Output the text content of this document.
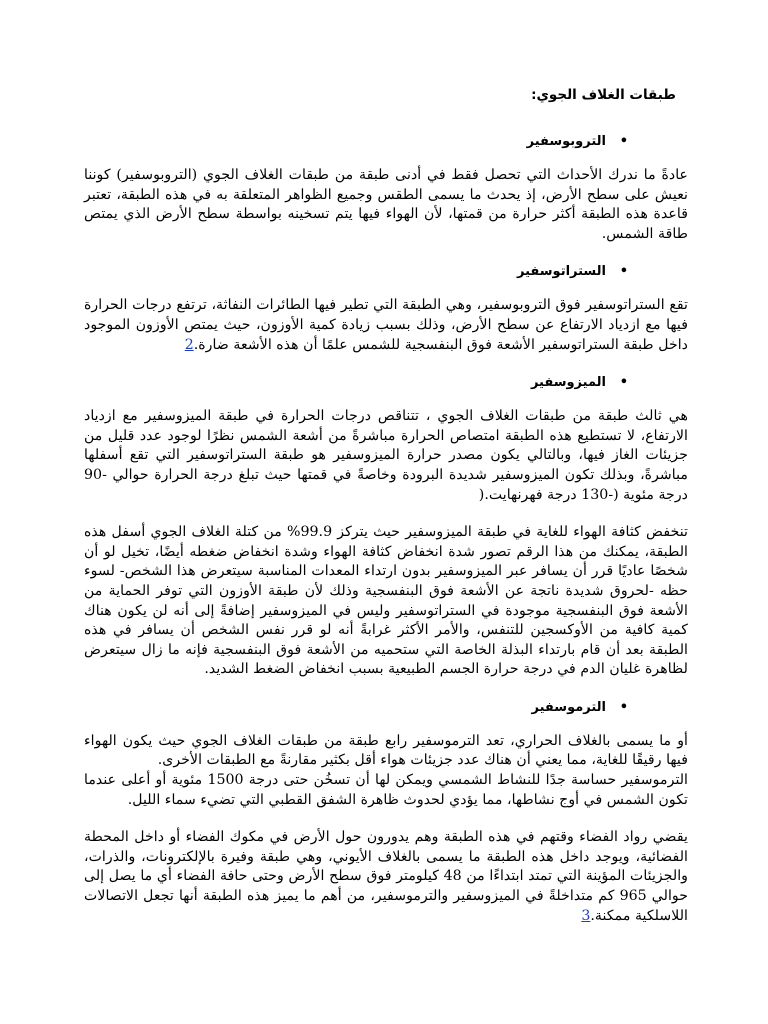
طبقات الغلاف الجوي:
•
التروبوسفير

عادةً ما ندرك الأحداث التي تحصل فقط في أدنى طبقة من طبقات الغلاف الجوي (التروبوسفير) كوننا نعيش على سطح الأرض، إذ يحدث ما يسمى الطقس وجميع الظواهر المتعلقة به في هذه الطبقة، تعتبر قاعدة هذه الطبقة أكثر حرارة من قمتها، لأن الهواء فيها يتم تسخينه بواسطة سطح الأرض الذي يمتص طاقة الشمس.

•
الستراتوسفير

تقع الستراتوسفير فوق التروبوسفير، وهي الطبقة التي تطير فيها الطائرات النفاثة، ترتفع درجات الحرارة فيها مع ازدياد الارتفاع عن سطح الأرض، وذلك بسبب زيادة كمية الأوزون، حيث يمتص الأوزون الموجود داخل طبقة الستراتوسفير الأشعة فوق البنفسجية للشمس علمًا أن هذه الأشعة ضارة.2

•
الميزوسفير

هي ثالث طبقة من طبقات الغلاف الجوي ، تتناقص درجات الحرارة في طبقة الميزوسفير مع ازدياد الارتفاع، لا تستطيع هذه الطبقة امتصاص الحرارة مباشرةً من أشعة الشمس نظرًا لوجود عدد قليل من جزيئات الغاز فيها، وبالتالي يكون مصدر حرارة الميزوسفير هو طبقة الستراتوسفير التي تقع أسفلها مباشرةً، وبذلك تكون الميزوسفير شديدة البرودة وخاصةً في قمتها حيث تبلغ درجة الحرارة حوالي -90 درجة مئوية (-130 درجة فهرنهايت.(

تنخفض كثافة الهواء للغاية في طبقة الميزوسفير حيث يتركز 99.9% من كتلة الغلاف الجوي أسفل هذه الطبقة، يمكنك من هذا الرقم تصور شدة انخفاض كثافة الهواء وشدة انخفاض ضغطه أيضًا، تخيل لو أن شخصًا عاديًا قرر أن يسافر عبر الميزوسفير بدون ارتداء المعدات المناسبة سيتعرض هذا الشخص- لسوء حظه -لحروق شديدة ناتجة عن الأشعة فوق البنفسجية وذلك لأن طبقة الأوزون التي توفر الحماية من الأشعة فوق البنفسجية موجودة في الستراتوسفير وليس في الميزوسفير إضافةً إلى أنه لن يكون هناك كمية كافية من الأوكسجين للتنفس، والأمر الأكثر غرابةً أنه لو قرر نفس الشخص أن يسافر في هذه الطبقة بعد أن قام بارتداء البذلة الخاصة التي ستحميه من الأشعة فوق البنفسجية فإنه ما زال سيتعرض لظاهرة غليان الدم في درجة حرارة الجسم الطبيعية بسبب انخفاض الضغط الشديد.

•
الترموسفير

أو ما يسمى بالغلاف الحراري، تعد الترموسفير رابع طبقة من طبقات الغلاف الجوي حيث يكون الهواء فيها رقيقًا للغاية، مما يعني أن هناك عدد جزيئات هواء أقل بكثير مقارنةً مع الطبقات الأخرى.

الترموسفير حساسة جدًا للنشاط الشمسي ويمكن لها أن تسخُن حتى درجة 1500 مئوية أو أعلى عندما تكون الشمس في أوج نشاطها، مما يؤدي لحدوث ظاهرة الشفق القطبي التي تضيء سماء الليل.

يقضي رواد الفضاء وقتهم في هذه الطبقة وهم يدورون حول الأرض في مكوك الفضاء أو داخل المحطة الفضائية، ويوجد داخل هذه الطبقة ما يسمى بالغلاف الأيوني، وهي طبقة وفيرة بالإلكترونات، والذرات، والجزيئات المؤينة التي تمتد ابتداءًا من 48 كيلومتر فوق سطح الأرض وحتى حافة الفضاء أي ما يصل إلى حوالي 965 كم متداخلةً في الميزوسفير والترموسفير، من أهم ما يميز هذه الطبقة أنها تجعل الاتصالات اللاسلكية ممكنة.3
